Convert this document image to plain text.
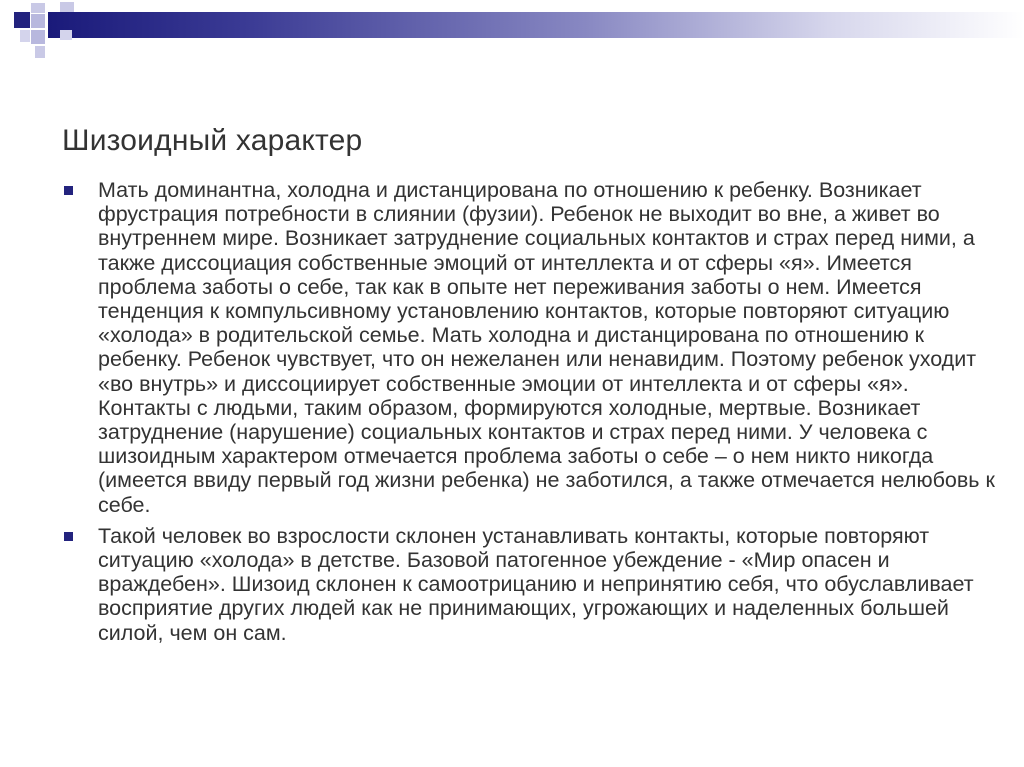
Шизоидный характер
Мать доминантна, холодна и дистанцирована по отношению к ребенку. Возникает фрустрация потребности в слиянии (фузии). Ребенок не выходит во вне, а живет во внутреннем мире. Возникает затруднение социальных контактов и страх перед ними, а также диссоциация собственные эмоций от интеллекта и от сферы «я». Имеется проблема заботы о себе, так как в опыте нет переживания заботы о нем. Имеется тенденция к компульсивному установлению контактов, которые повторяют ситуацию «холода» в родительской семье. Мать холодна и дистанцирована по отношению к ребенку. Ребенок чувствует, что он нежеланен или ненавидим. Поэтому ребенок уходит «во внутрь» и диссоциирует собственные эмоции от интеллекта и от сферы «я». Контакты с людьми, таким образом, формируются холодные, мертвые. Возникает затруднение (нарушение) социальных контактов и страх перед ними. У человека с шизоидным характером отмечается проблема заботы о себе – о нем никто никогда (имеется ввиду первый год жизни ребенка) не заботился, а также отмечается нелюбовь к себе.
Такой человек во взрослости склонен устанавливать контакты, которые повторяют ситуацию «холода» в детстве. Базовой патогенное убеждение - «Мир опасен и враждебен». Шизоид склонен к самоотрицанию и непринятию себя, что обуславливает восприятие других людей как не принимающих, угрожающих и наделенных большей силой, чем он сам.
